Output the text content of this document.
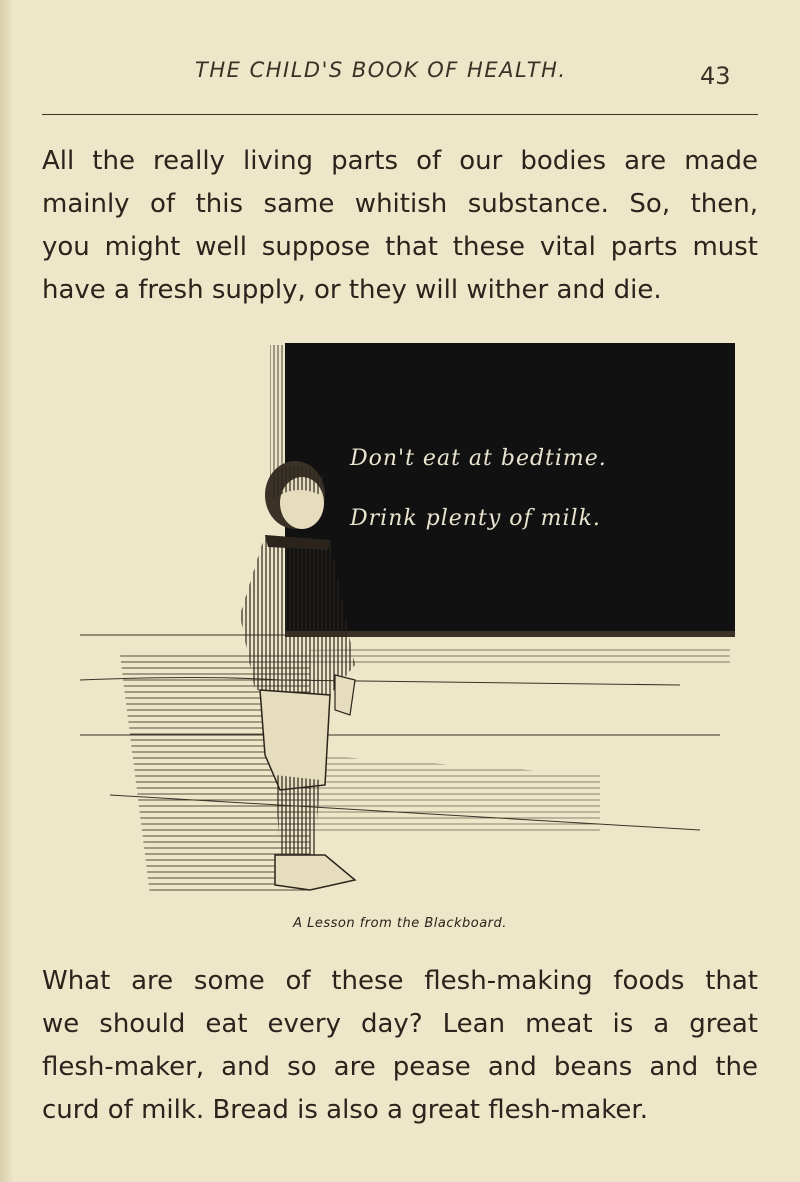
THE CHILD'S BOOK OF HEALTH.	43
All the really living parts of our bodies are made
mainly of this same whitish substance. So, then,
you might well suppose that these vital parts must
have a fresh supply, or they will wither and die.
Don't eat at bedtime.
Drink plenty of milk.
A Lesson from the Blackboard.
What are some of these flesh-making foods that
we should eat every day? Lean meat is a great
flesh-maker, and so are pease and beans and the
curd of milk. Bread is also a great flesh-maker.
